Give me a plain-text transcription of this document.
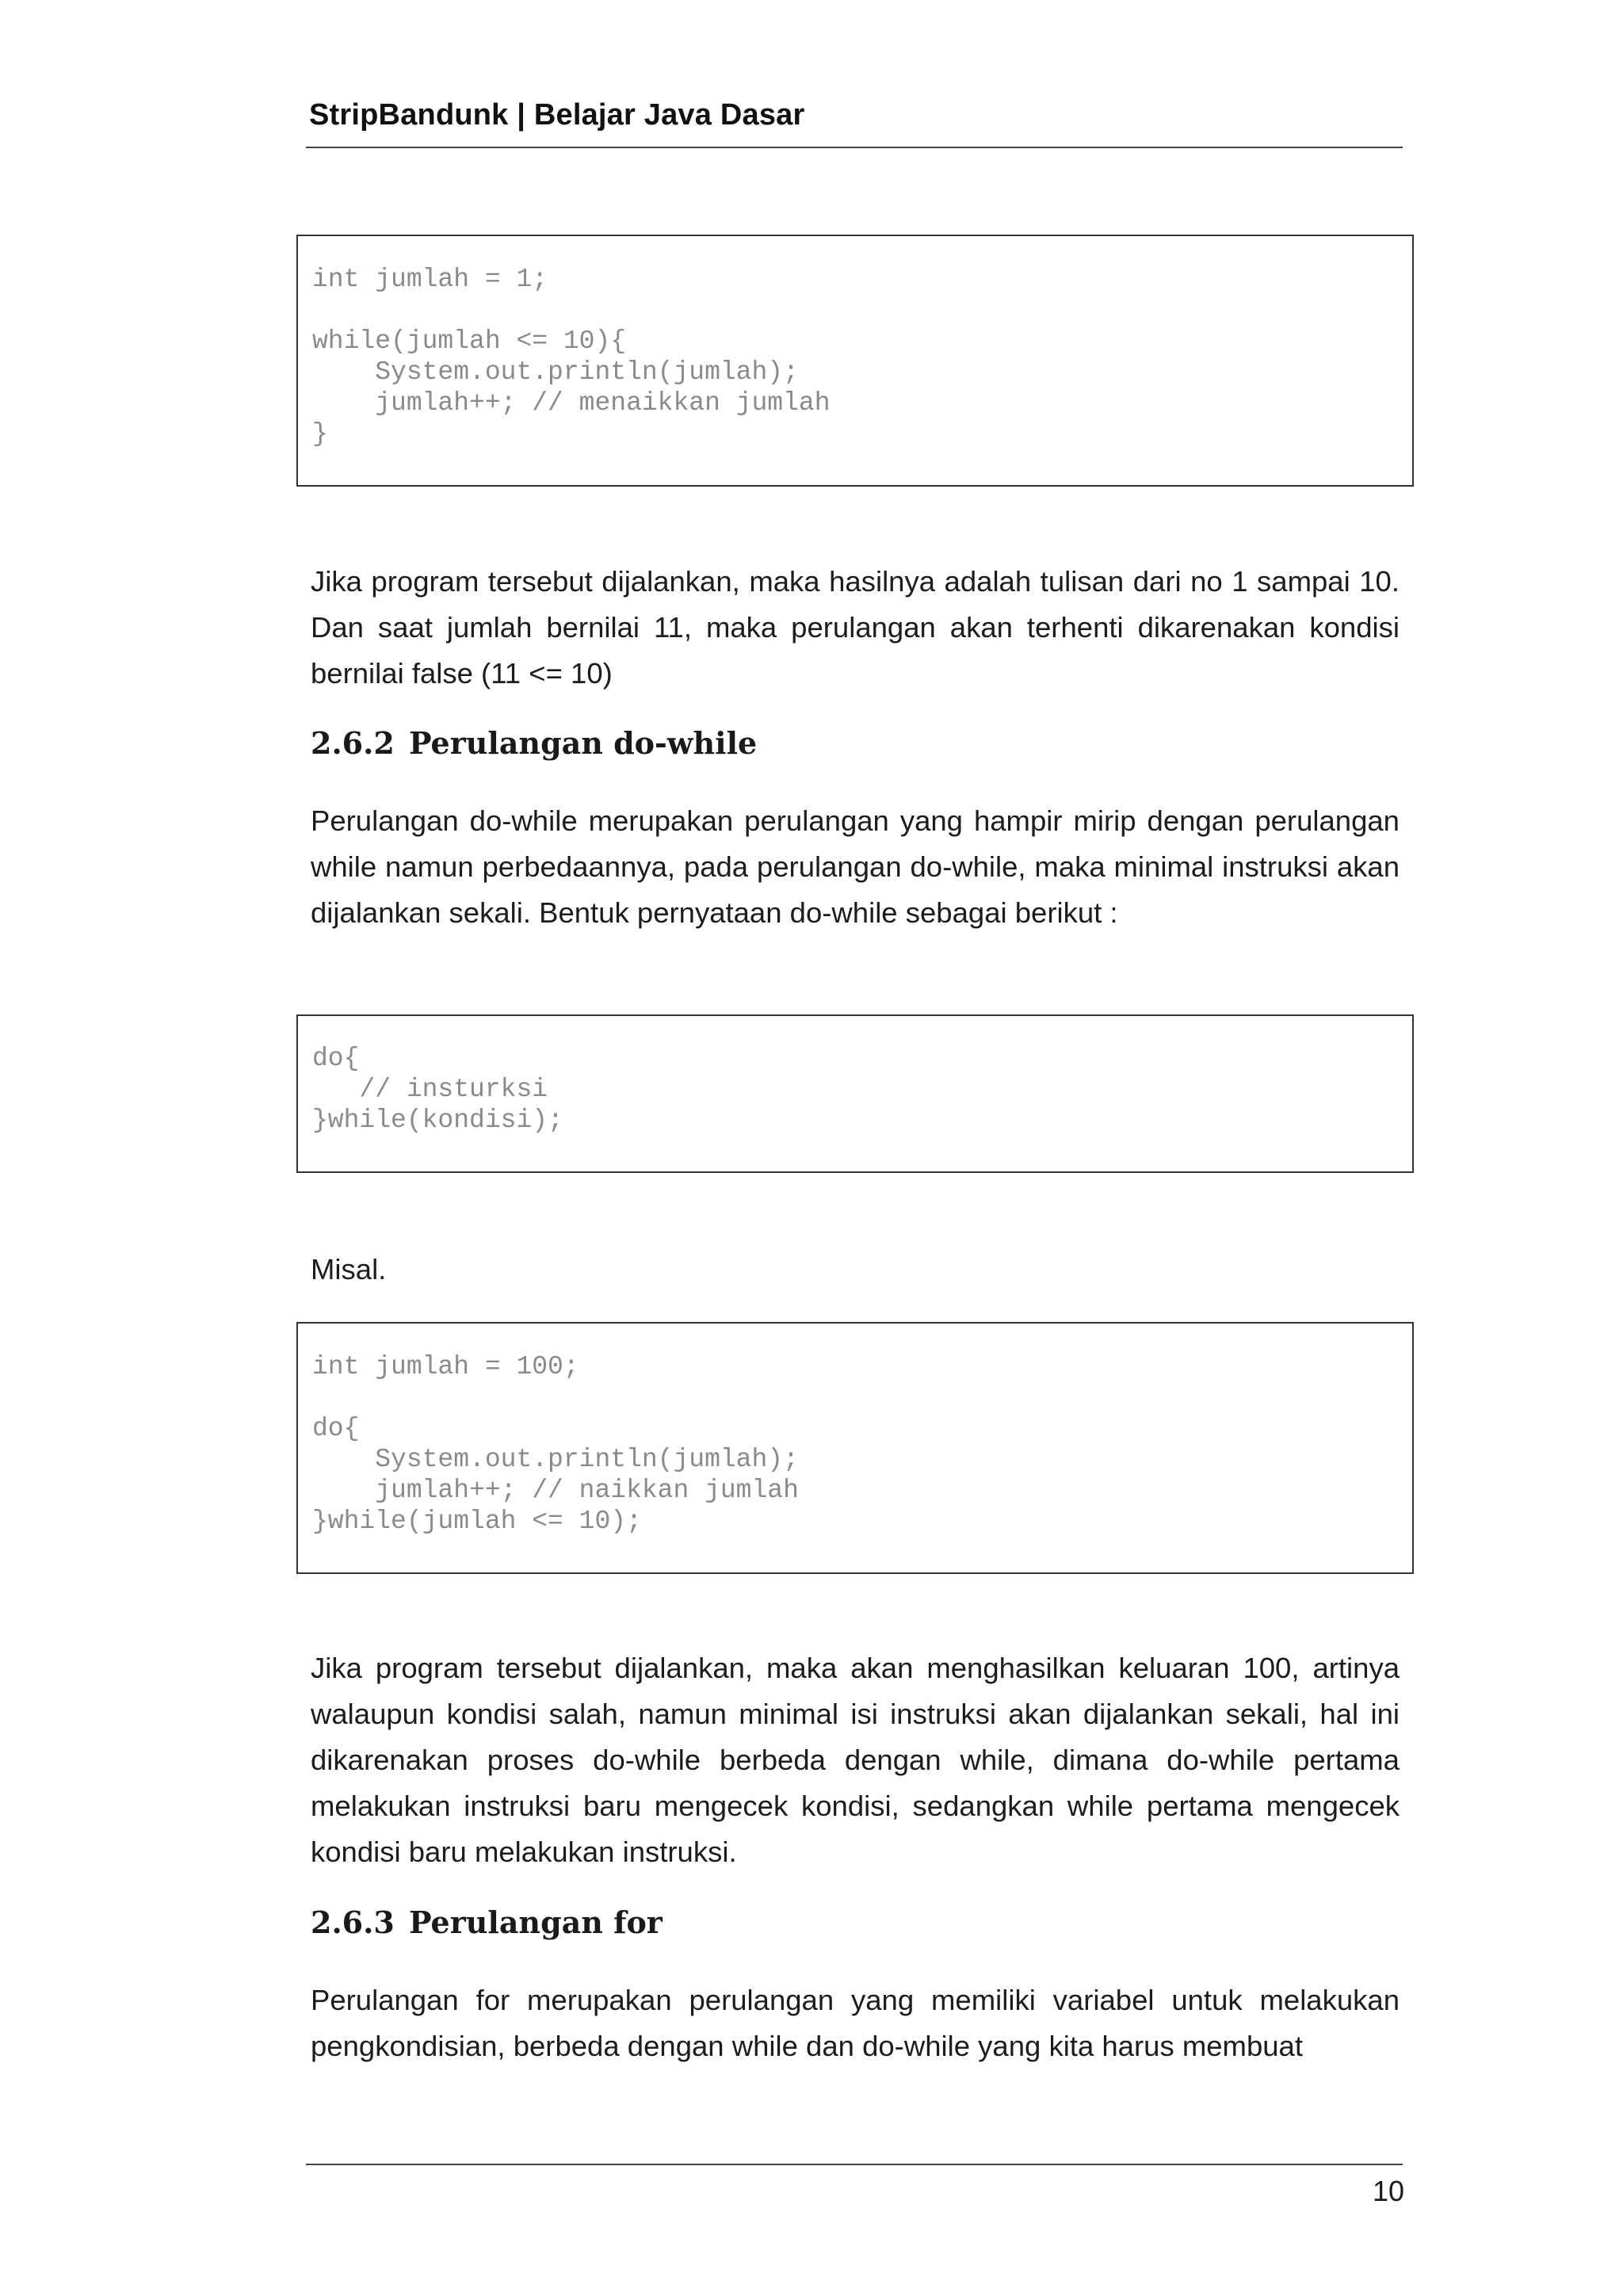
StripBandunk | Belajar Java Dasar
int jumlah = 1;

while(jumlah <= 10){
System.out.println(jumlah);
jumlah++; // menaikkan jumlah
}

Jika program tersebut dijalankan, maka hasilnya adalah tulisan dari no 1 sampai 10. Dan saat jumlah bernilai 11, maka perulangan akan terhenti dikarenakan kondisi bernilai false (11 <= 10)

2.6.2 Perulangan do-while

Perulangan do-while merupakan perulangan yang hampir mirip dengan perulangan while namun perbedaannya, pada perulangan do-while, maka minimal instruksi akan dijalankan sekali. Bentuk pernyataan do-while sebagai berikut :

do{
// insturksi
}while(kondisi);

Misal.

int jumlah = 100;

do{
System.out.println(jumlah);
jumlah++; // naikkan jumlah
}while(jumlah <= 10);

Jika program tersebut dijalankan, maka akan menghasilkan keluaran 100, artinya walaupun kondisi salah, namun minimal isi instruksi akan dijalankan sekali, hal ini dikarenakan proses do-while berbeda dengan while, dimana do-while pertama melakukan instruksi baru mengecek kondisi, sedangkan while pertama mengecek kondisi baru melakukan instruksi.

2.6.3 Perulangan for

Perulangan for merupakan perulangan yang memiliki variabel untuk melakukan pengkondisian, berbeda dengan while dan do-while yang kita harus membuat

10
